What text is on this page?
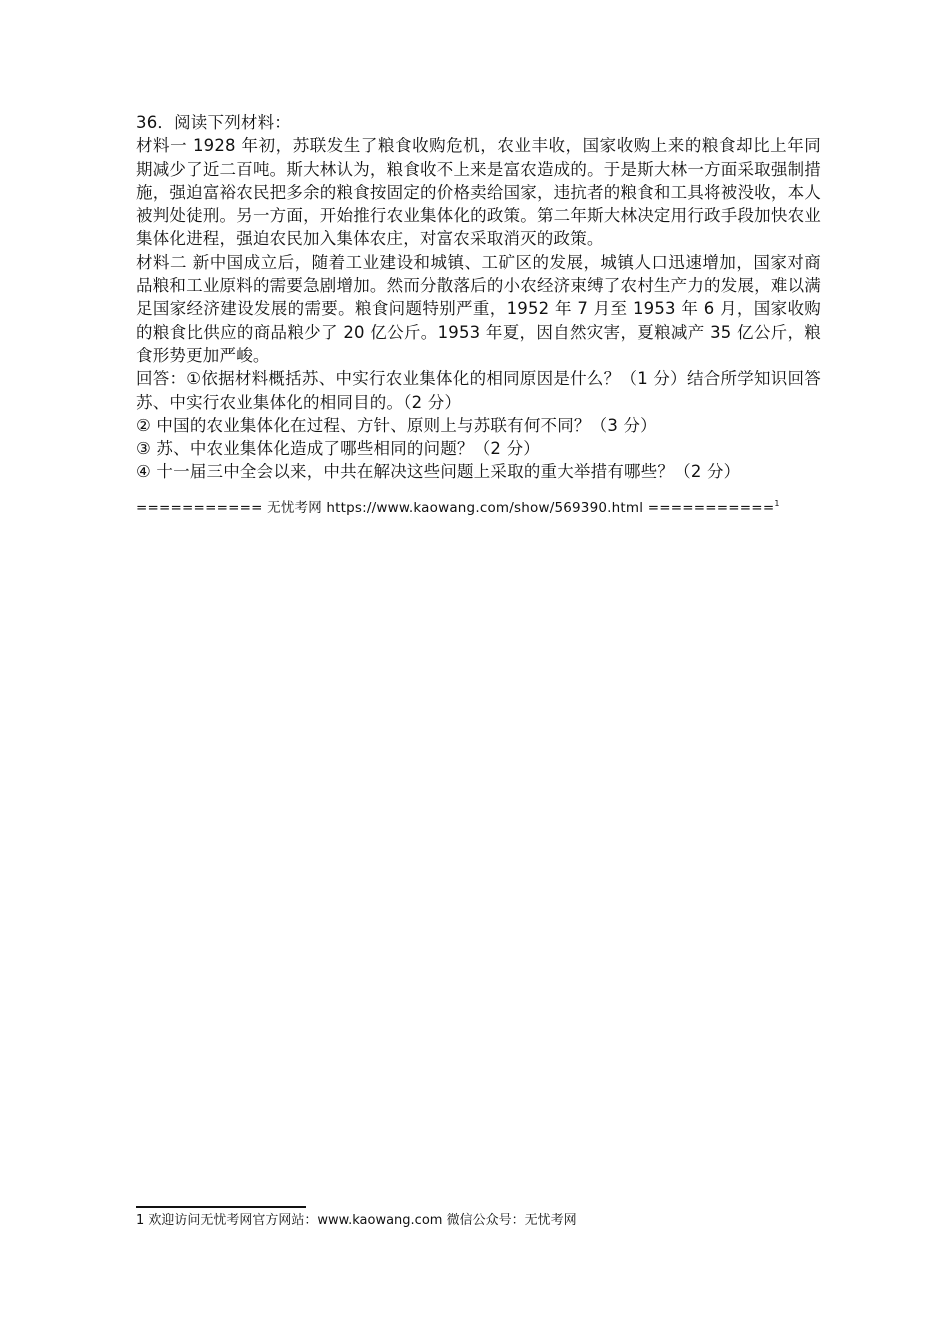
36．阅读下列材料：

材料一 1928 年初，苏联发生了粮食收购危机，农业丰收，国家收购上来的粮食却比上年同期减少了近二百吨。斯大林认为，粮食收不上来是富农造成的。于是斯大林一方面采取强制措施，强迫富裕农民把多余的粮食按固定的价格卖给国家，违抗者的粮食和工具将被没收，本人被判处徒刑。另一方面，开始推行农业集体化的政策。第二年斯大林决定用行政手段加快农业集体化进程，强迫农民加入集体农庄，对富农采取消灭的政策。

材料二 新中国成立后，随着工业建设和城镇、工矿区的发展，城镇人口迅速增加，国家对商品粮和工业原料的需要急剧增加。然而分散落后的小农经济束缚了农村生产力的发展，难以满足国家经济建设发展的需要。粮食问题特别严重，1952 年 7 月至 1953 年 6 月，国家收购的粮食比供应的商品粮少了 20 亿公斤。1953 年夏，因自然灾害，夏粮减产 35 亿公斤，粮食形势更加严峻。

回答：①依据材料概括苏、中实行农业集体化的相同原因是什么？（1 分）结合所学知识回答苏、中实行农业集体化的相同目的。（2 分）

② 中国的农业集体化在过程、方针、原则上与苏联有何不同？（3 分）

③ 苏、中农业集体化造成了哪些相同的问题？（2 分）

④ 十一届三中全会以来，中共在解决这些问题上采取的重大举措有哪些？（2 分）

=========== 无忧考网 https://www.kaowang.com/show/569390.html ===========$^1$

1 欢迎访问无忧考网官方网站：www.kaowang.com 微信公众号：无忧考网
